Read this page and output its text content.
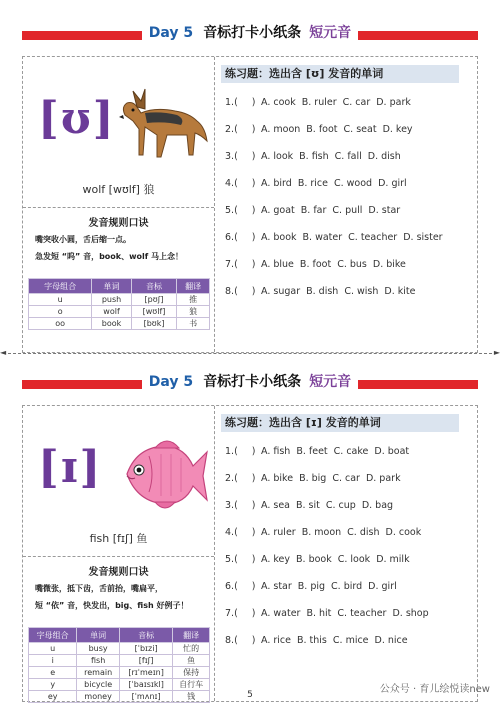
Day 5 音标打卡小纸条 短元音
[ʊ]
wolf [wʊlf] 狼
发音规则口诀
嘴突收小圆，舌后缩一点。
急发短 “呜” 音，book、wolf 马上念！
字母组合	单词	音标	翻译
u	push	[pʊʃ]	推
o	wolf	[wʊlf]	狼
oo	book	[bʊk]	书
练习题：选出含 [ʊ] 发音的单词
1.( ) A. cook B. ruler C. car D. park
2.( ) A. moon B. foot C. seat D. key
3.( ) A. look B. fish C. fall D. dish
4.( ) A. bird B. rice C. wood D. girl
5.( ) A. goat B. far C. pull D. star
6.( ) A. book B. water C. teacher D. sister
7.( ) A. blue B. foot C. bus D. bike
8.( ) A. sugar B. dish C. wish D. kite
◄	►
Day 5 音标打卡小纸条 短元音
[ɪ]
fish [fɪʃ] 鱼
发音规则口诀
嘴微张，抵下齿，舌前抬，嘴扁平，
短 “依” 音，快发出，big、fish 好例子！
字母组合	单词	音标	翻译
u	busy	[ˈbɪzi]	忙的
i	fish	[fɪʃ]	鱼
e	remain	[rɪˈmeɪn]	保持
y	bicycle	[ˈbaɪsɪkl]	自行车
ey	money	[ˈmʌnɪ]	钱
练习题：选出含 [ɪ] 发音的单词
1.( ) A. fish B. feet C. cake D. boat
2.( ) A. bike B. big C. car D. park
3.( ) A. sea B. sit C. cup D. bag
4.( ) A. ruler B. moon C. dish D. cook
5.( ) A. key B. book C. look D. milk
6.( ) A. star B. pig C. bird D. girl
7.( ) A. water B. hit C. teacher D. shop
8.( ) A. rice B. this C. mice D. nice
5	公众号 · 育儿绘悦读new
